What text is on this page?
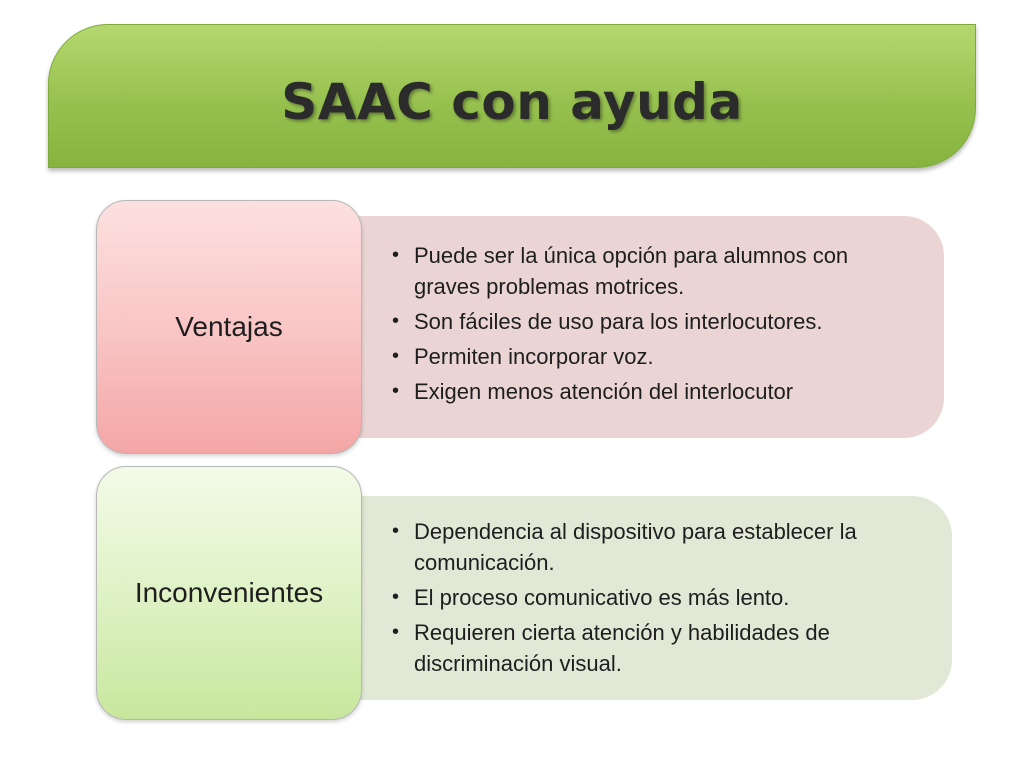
SAAC con ayuda
• Puede ser la única opción para alumnos con graves problemas motrices.
• Son fáciles de uso para los interlocutores.
• Permiten incorporar voz.
• Exigen menos atención del interlocutor
Ventajas
• Dependencia al dispositivo para establecer la comunicación.
• El proceso comunicativo es más lento.
• Requieren cierta atención y habilidades de discriminación visual.
Inconvenientes
